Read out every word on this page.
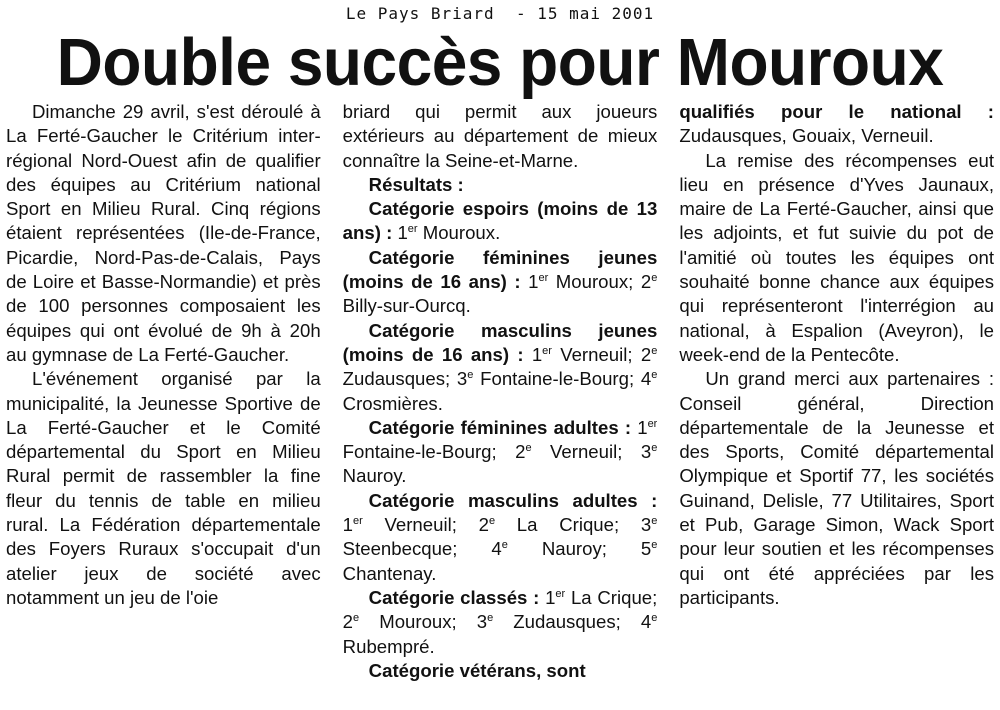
Le Pays Briard  - 15 mai 2001
Double succès pour Mouroux

Dimanche 29 avril, s'est déroulé à La Ferté-Gaucher le Critérium inter-régional Nord-Ouest afin de qualifier des équipes au Critérium national Sport en Milieu Rural. Cinq régions étaient représentées (Ile-de-France, Picardie, Nord-Pas-de-Calais, Pays de Loire et Basse-Normandie) et près de 100 personnes composaient les équipes qui ont évolué de 9h à 20h au gymnase de La Ferté-Gaucher.

L'événement organisé par la municipalité, la Jeunesse Sportive de La Ferté-Gaucher et le Comité départemental du Sport en Milieu Rural permit de rassembler la fine fleur du tennis de table en milieu rural. La Fédération départementale des Foyers Ruraux s'occupait d'un atelier jeux de société avec notamment un jeu de l'oie

briard qui permit aux joueurs extérieurs au département de mieux connaître la Seine-et-Marne.

Résultats :

Catégorie espoirs (moins de 13 ans) : 1er Mouroux.

Catégorie féminines jeunes (moins de 16 ans) : 1er Mouroux; 2e Billy-sur-Ourcq.

Catégorie masculins jeunes (moins de 16 ans) : 1er Verneuil; 2e Zudausques; 3e Fontaine-le-Bourg; 4e Crosmières.

Catégorie féminines adultes : 1er Fontaine-le-Bourg; 2e Verneuil; 3e Nauroy.

Catégorie masculins adultes : 1er Verneuil; 2e La Crique; 3e Steenbecque; 4e Nauroy; 5e Chantenay.

Catégorie classés : 1er La Crique; 2e Mouroux; 3e Zudausques; 4e Rubempré.

Catégorie vétérans, sont

qualifiés pour le national : Zudausques, Gouaix, Verneuil.

La remise des récompenses eut lieu en présence d'Yves Jaunaux, maire de La Ferté-Gaucher, ainsi que les adjoints, et fut suivie du pot de l'amitié où toutes les équipes ont souhaité bonne chance aux équipes qui représenteront l'interrégion au national, à Espalion (Aveyron), le week-end de la Pentecôte.

Un grand merci aux partenaires : Conseil général, Direction départementale de la Jeunesse et des Sports, Comité départemental Olympique et Sportif 77, les sociétés Guinand, Delisle, 77 Utilitaires, Sport et Pub, Garage Simon, Wack Sport pour leur soutien et les récompenses qui ont été appréciées par les participants.
